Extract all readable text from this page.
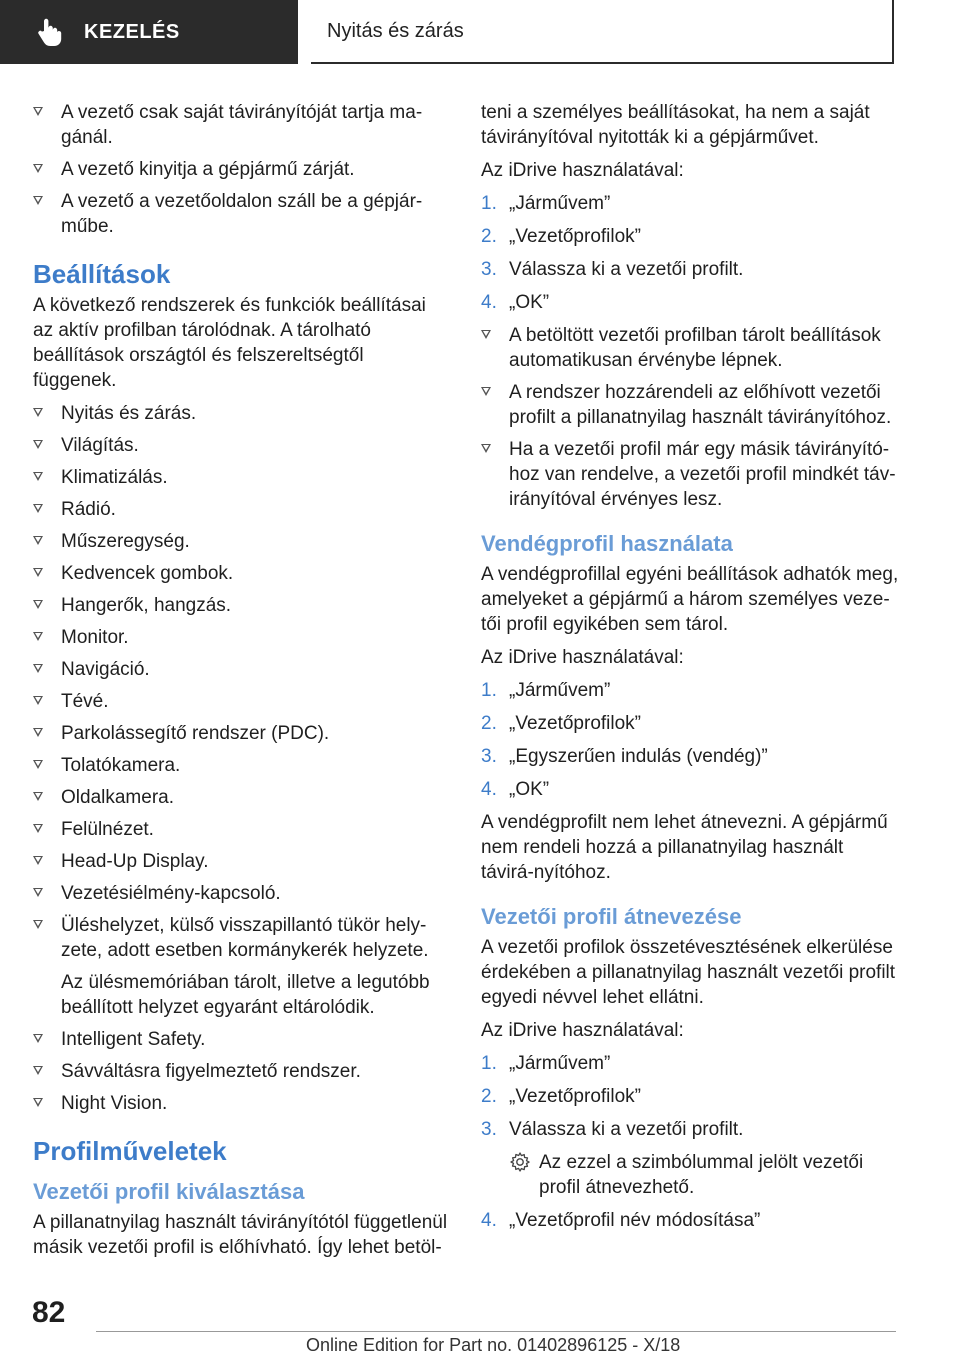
KEZELÉS	Nyitás és zárás
A vezető csak saját távirányítóját tartja ma-gánál.
A vezető kinyitja a gépjármű zárját.
A vezető a vezetőoldalon száll be a gépjár-műbe.
Beállítások
A következő rendszerek és funkciók beállításai az aktív profilban tárolódnak. A tárolható beállítások országtól és felszereltségtől függenek.
Nyitás és zárás.
Világítás.
Klimatizálás.
Rádió.
Műszeregység.
Kedvencek gombok.
Hangerők, hangzás.
Monitor.
Navigáció.
Tévé.
Parkolássegítő rendszer (PDC).
Tolatókamera.
Oldalkamera.
Felülnézet.
Head-Up Display.
Vezetésiélmény-kapcsoló.
Üléshelyzet, külső visszapillantó tükör hely-zete, adott esetben kormánykerék helyzete.
Az ülésmemóriában tárolt, illetve a legutóbb beállított helyzet egyaránt eltárolódik.
Intelligent Safety.
Sávváltásra figyelmeztető rendszer.
Night Vision.
Profilműveletek
Vezetői profil kiválasztása
A pillanatnyilag használt távirányítótól függetlenül másik vezetői profil is előhívható. Így lehet betöl-
teni a személyes beállításokat, ha nem a saját távirányítóval nyitották ki a gépjárművet.
Az iDrive használatával:
1. „Járművem”
2. „Vezetőprofilok”
3. Válassza ki a vezetői profilt.
4. „OK”
A betöltött vezetői profilban tárolt beállítások automatikusan érvénybe lépnek.
A rendszer hozzárendeli az előhívott vezetői profilt a pillanatnyilag használt távirányítóhoz.
Ha a vezetői profil már egy másik távirányító-hoz van rendelve, a vezetői profil mindkét táv-irányítóval érvényes lesz.
Vendégprofil használata
A vendégprofillal egyéni beállítások adhatók meg, amelyeket a gépjármű a három személyes veze-tői profil egyikében sem tárol.
Az iDrive használatával:
1. „Járművem”
2. „Vezetőprofilok”
3. „Egyszerűen indulás (vendég)”
4. „OK”
A vendégprofilt nem lehet átnevezni. A gépjármű nem rendeli hozzá a pillanatnyilag használt távirá-nyítóhoz.
Vezetői profil átnevezése
A vezetői profilok összetévesztésének elkerülése érdekében a pillanatnyilag használt vezetői profilt egyedi névvel lehet ellátni.
Az iDrive használatával:
1. „Járművem”
2. „Vezetőprofilok”
3. Válassza ki a vezetői profilt.
Az ezzel a szimbólummal jelölt vezetői profil átnevezhető.
4. „Vezetőprofil név módosítása”
82
Online Edition for Part no. 01402896125 - X/18
